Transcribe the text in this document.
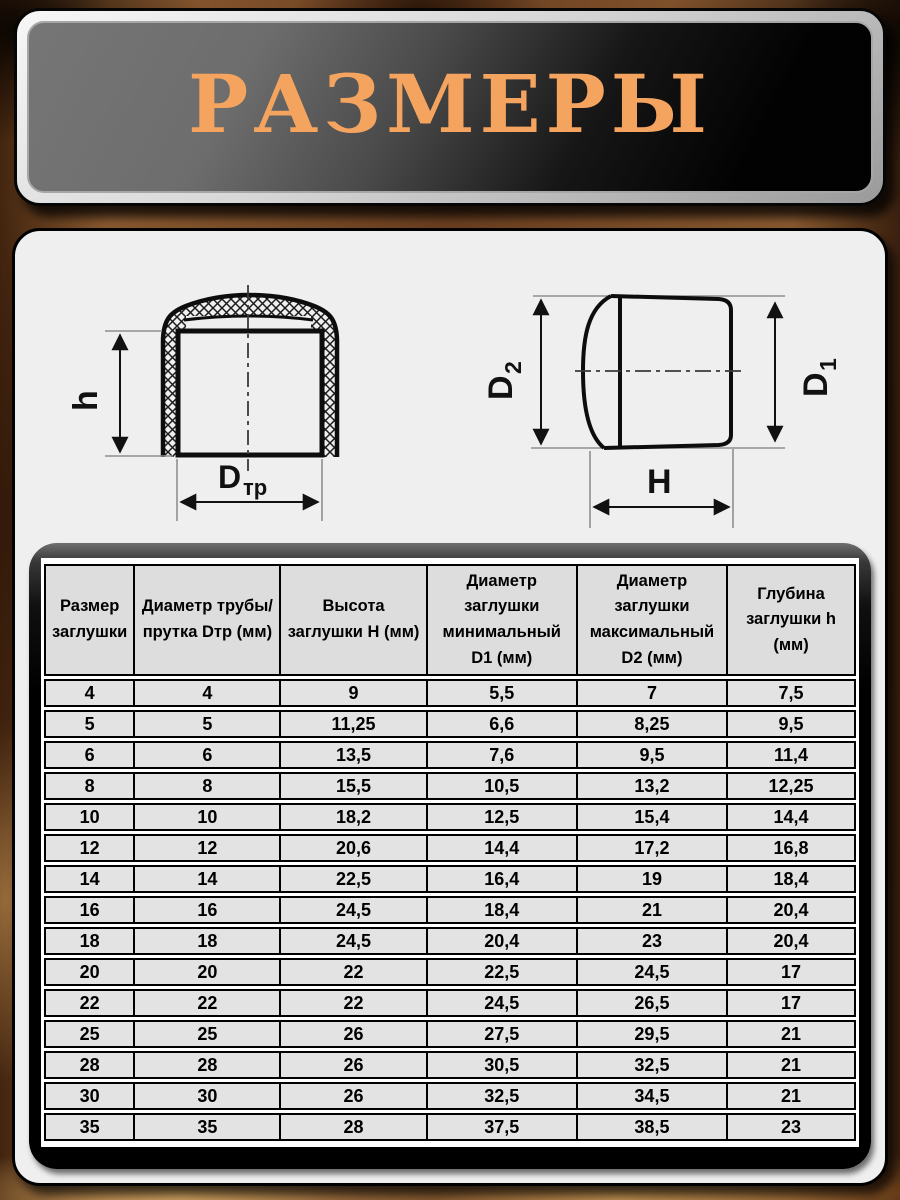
РАЗМЕРЫ
h
D тр
D
2
D
1
H
Размер заглушки	Диаметр трубы/прутка Dтр (мм)	Высота заглушки H (мм)	Диаметр заглушки минимальный D1 (мм)	Диаметр заглушки максимальный D2 (мм)	Глубина заглушки h (мм)
4	4	9	5,5	7	7,5
5	5	11,25	6,6	8,25	9,5
6	6	13,5	7,6	9,5	11,4
8	8	15,5	10,5	13,2	12,25
10	10	18,2	12,5	15,4	14,4
12	12	20,6	14,4	17,2	16,8
14	14	22,5	16,4	19	18,4
16	16	24,5	18,4	21	20,4
18	18	24,5	20,4	23	20,4
20	20	22	22,5	24,5	17
22	22	22	24,5	26,5	17
25	25	26	27,5	29,5	21
28	28	26	30,5	32,5	21
30	30	26	32,5	34,5	21
35	35	28	37,5	38,5	23
